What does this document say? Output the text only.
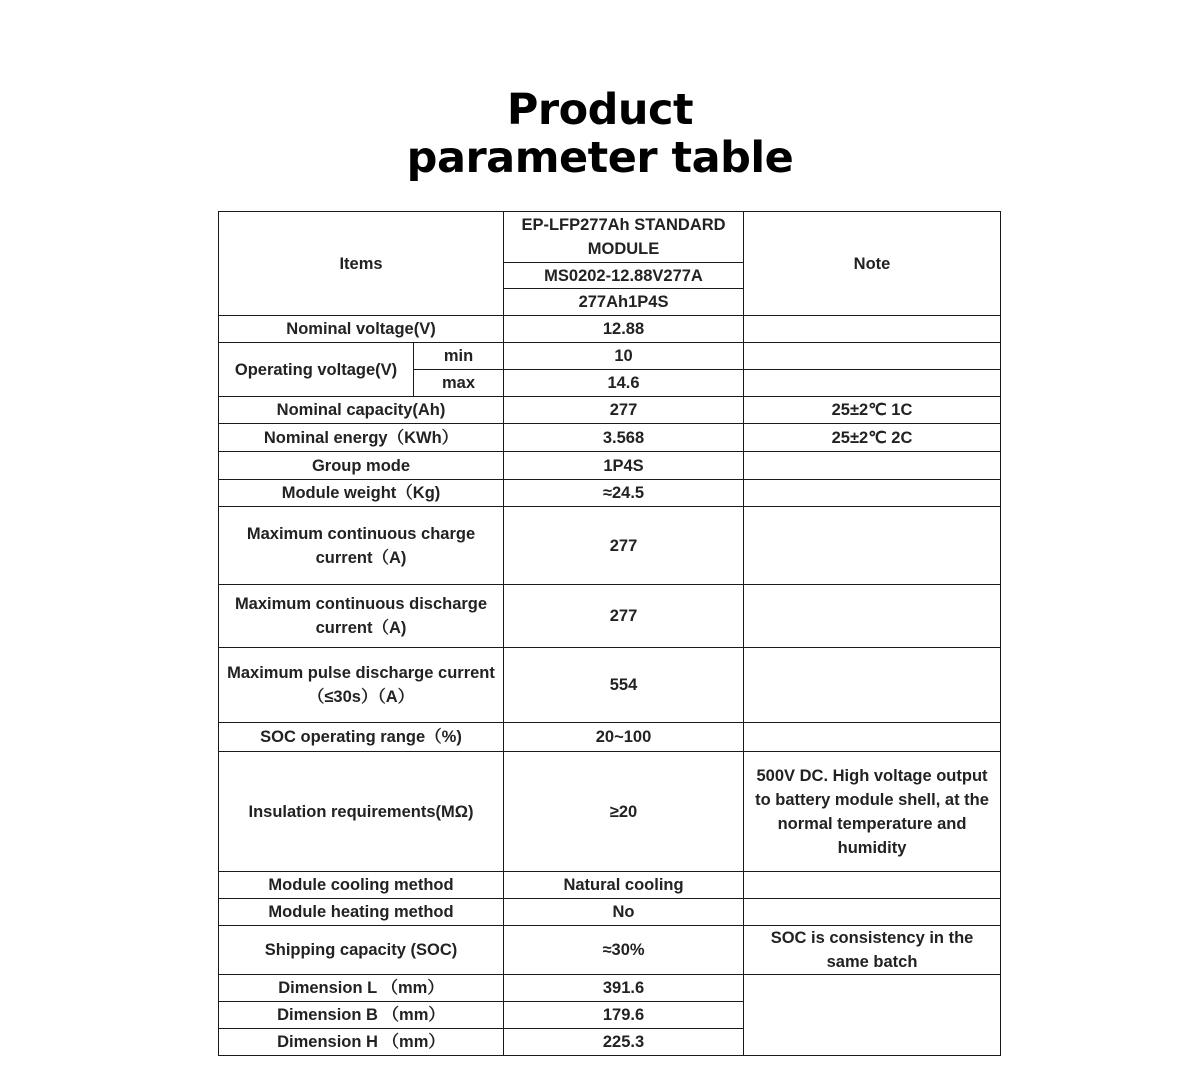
Product
parameter table
Items		EP-LFP277Ah STANDARD MODULE	Note
		MS0202-12.88V277A	
		277Ah1P4S	
Nominal voltage(V)		12.88	
Operating voltage(V)	min	10	
	max	14.6	
Nominal capacity(Ah)		277	25±2℃ 1C
Nominal energy（KWh）		3.568	25±2℃ 2C
Group mode		1P4S	
Module weight（Kg)		≈24.5	
Maximum continuous charge current（A)		277	
Maximum continuous discharge current（A)		277	
Maximum pulse discharge current（≤30s）（A）		554	
SOC operating range（%)		20~100	
Insulation requirements(MΩ)		≥20	500V DC. High voltage output to battery module shell, at the normal temperature and humidity
Module cooling method		Natural cooling	
Module heating method		No	
Shipping capacity (SOC)		≈30%	SOC is consistency in the same batch
Dimension L （mm）		391.6	
Dimension B （mm）		179.6	
Dimension H （mm）		225.3	
